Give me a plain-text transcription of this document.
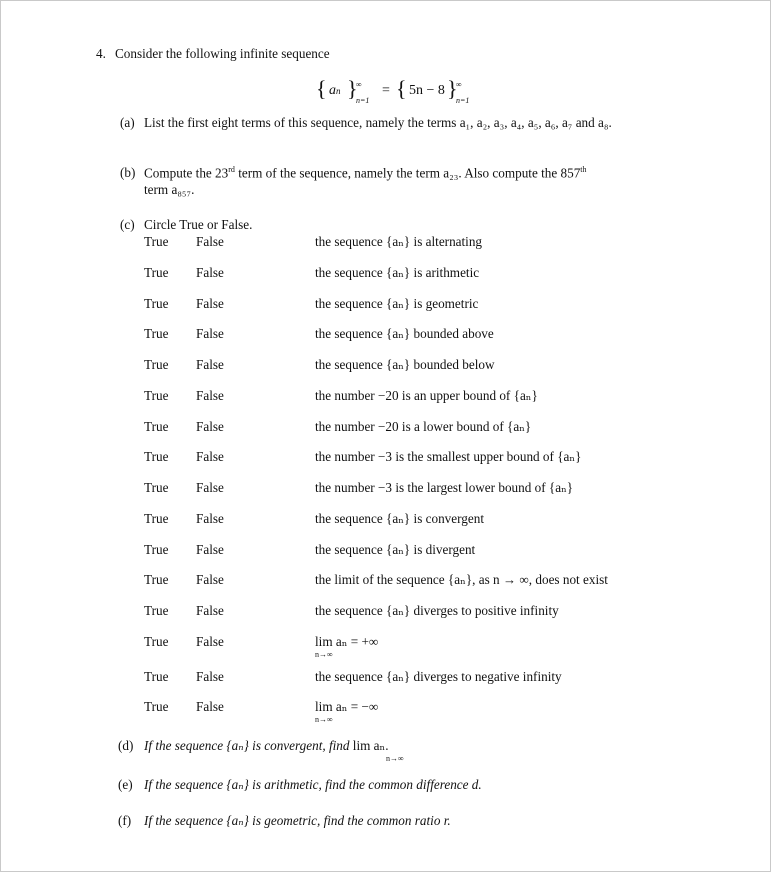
4. Consider the following infinite sequence
{ an }
∞
n=1
= { 5n − 8 }
∞
n=1
(a) List the first eight terms of this sequence, namely the terms a₁, a₂, a₃, a₄, a₅, a₆, a₇ and a₈.
(b) Compute the 23rd term of the sequence, namely the term a₂₃. Also compute the 857th
term a₈₅₇.
(c) Circle True or False.
True False	the sequence {aₙ} is alternating
True False	the sequence {aₙ} is arithmetic
True False	the sequence {aₙ} is geometric
True False	the sequence {aₙ} bounded above
True False	the sequence {aₙ} bounded below
True False	the number −20 is an upper bound of {aₙ}
True False	the number −20 is a lower bound of {aₙ}
True False	the number −3 is the smallest upper bound of {aₙ}
True False	the number −3 is the largest lower bound of {aₙ}
True False	the sequence {aₙ} is convergent
True False	the sequence {aₙ} is divergent
True False	the limit of the sequence {aₙ}, as n → ∞, does not exist
True False	the sequence {aₙ} diverges to positive infinity
True False	lim aₙ = +∞
n→∞
True False	the sequence {aₙ} diverges to negative infinity
True False	lim aₙ = −∞
n→∞
(d) If the sequence {aₙ} is convergent, find lim aₙ.
n→∞
(e) If the sequence {aₙ} is arithmetic, find the common difference d.
(f) If the sequence {aₙ} is geometric, find the common ratio r.
